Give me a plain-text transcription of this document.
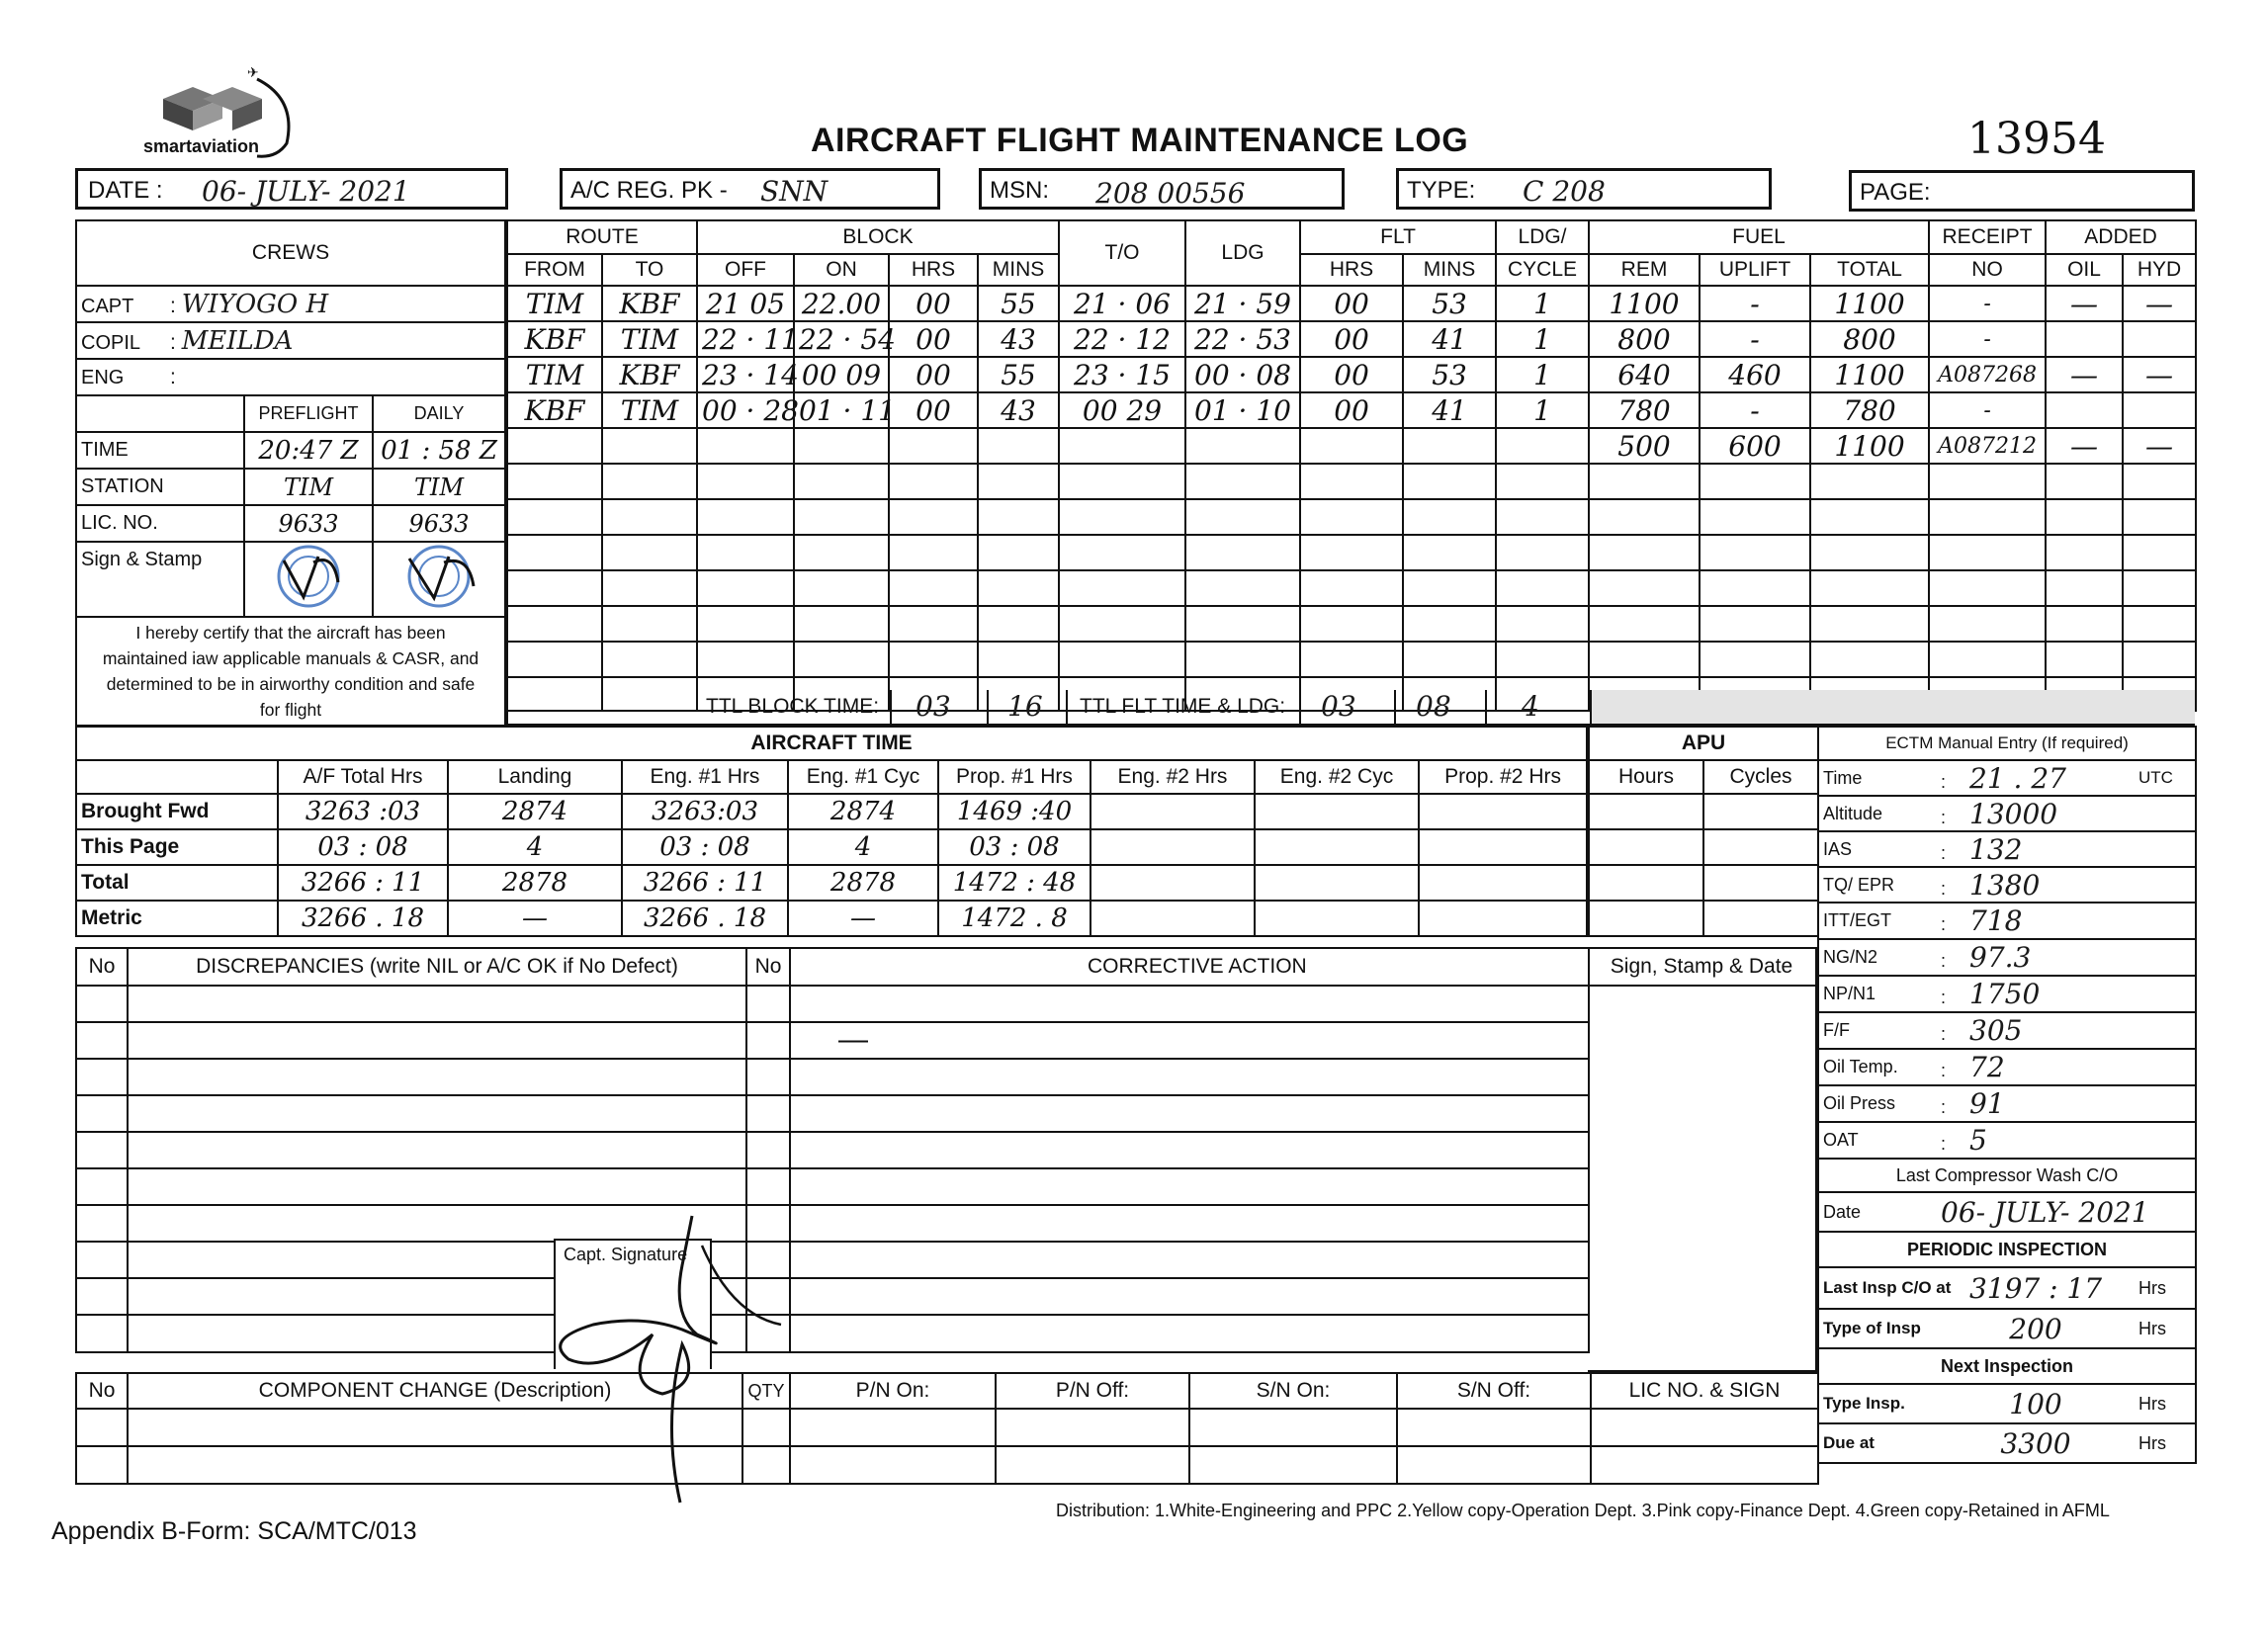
✈
smartaviation	AIRCRAFT FLIGHT MAINTENANCE LOG	13954
DATE : 06- JULY- 2021	A/C REG. PK - SNN	MSN: 208 00556	TYPE: C 208	PAGE:
CREWS		
CAPT : WIYOGO H		
COPIL : MEILDA		
ENG :		
	PREFLIGHT	DAILY
TIME	20:47 Z	01 : 58 Z
STATION	TIM	TIM
LIC. NO.	9633	9633
Sign & Stamp		

I hereby certify that the aircraft has been
maintained iaw applicable manuals & CASR, and
determined to be in airworthy condition and safe
for flight		
ROUTE		BLOCK				T/O	LDG	FLT		LDG/
FROM	TO	OFF	ON	HRS	MINS			HRS	MINS	CYCLE
TIM	KBF	21 05	22.00	00	55	21 · 06	21 · 59	00	53	1
KBF	TIM	22 · 11	22 · 54	00	43	22 · 12	22 · 53	00	41	1
TIM	KBF	23 · 14	00 09	00	55	23 · 15	00 · 08	00	53	1
KBF	TIM	00 · 28	01 · 11	00	43	00 29	01 · 10	00	41	1

FUEL			RECEIPT	ADDED	
REM	UPLIFT	TOTAL	NO	OIL	HYD
1100	-	1100	-	—	—
800	-	800	-		
640	460	1100	A087268	—	—
780	-	780	-		
500	600	1100	A087212	—	—

TTL BLOCK TIME: 03 16 TTL FLT TIME & LDG: 03 08	4
AIRCRAFT TIME								
	A/F Total Hrs	Landing	Eng. #1 Hrs	Eng. #1 Cyc	Prop. #1 Hrs	Eng. #2 Hrs	Eng. #2 Cyc	Prop. #2 Hrs
Brought Fwd	3263 :03	2874	3263:03	2874	1469 :40			
This Page	03 : 08	4	03 : 08	4	03 : 08			
Total	3266 : 11	2878	3266 : 11	2878	1472 : 48			
Metric	3266 . 18	—	3266 . 18	—	1472 . 8			
APU	
Hours	Cycles

ECTM Manual Entry (If required)		
Time	: 21 . 27	UTC
Altitude	: 13000	
IAS	: 132	
TQ/ EPR	: 1380	
ITT/EGT	: 718	
NG/N2	: 97.3	
NP/N1	: 1750	
F/F	: 305	
Oil Temp.	: 72	
Oil Press	: 91	
OAT	: 5	
Last Compressor Wash C/O		
Date	06- JULY- 2021	
PERIODIC INSPECTION		
Last Insp C/O at	3197 : 17	Hrs
Type of Insp	200	Hrs
Next Inspection		
Type Insp.	100	Hrs
Due at	3300	Hrs
No	DISCREPANCIES (write NIL or A/C OK if No Defect)	No	CORRECTIVE ACTION

				Sign, Stamp & Date
—
Capt. Signature
No	COMPONENT CHANGE (Description)	QTY	P/N On:	P/N Off:	S/N On:	S/N Off:	LIC NO. & SIGN

Appendix B-Form: SCA/MTC/013
Distribution: 1.White-Engineering and PPC 2.Yellow copy-Operation Dept. 3.Pink copy-Finance Dept. 4.Green copy-Retained in AFML
